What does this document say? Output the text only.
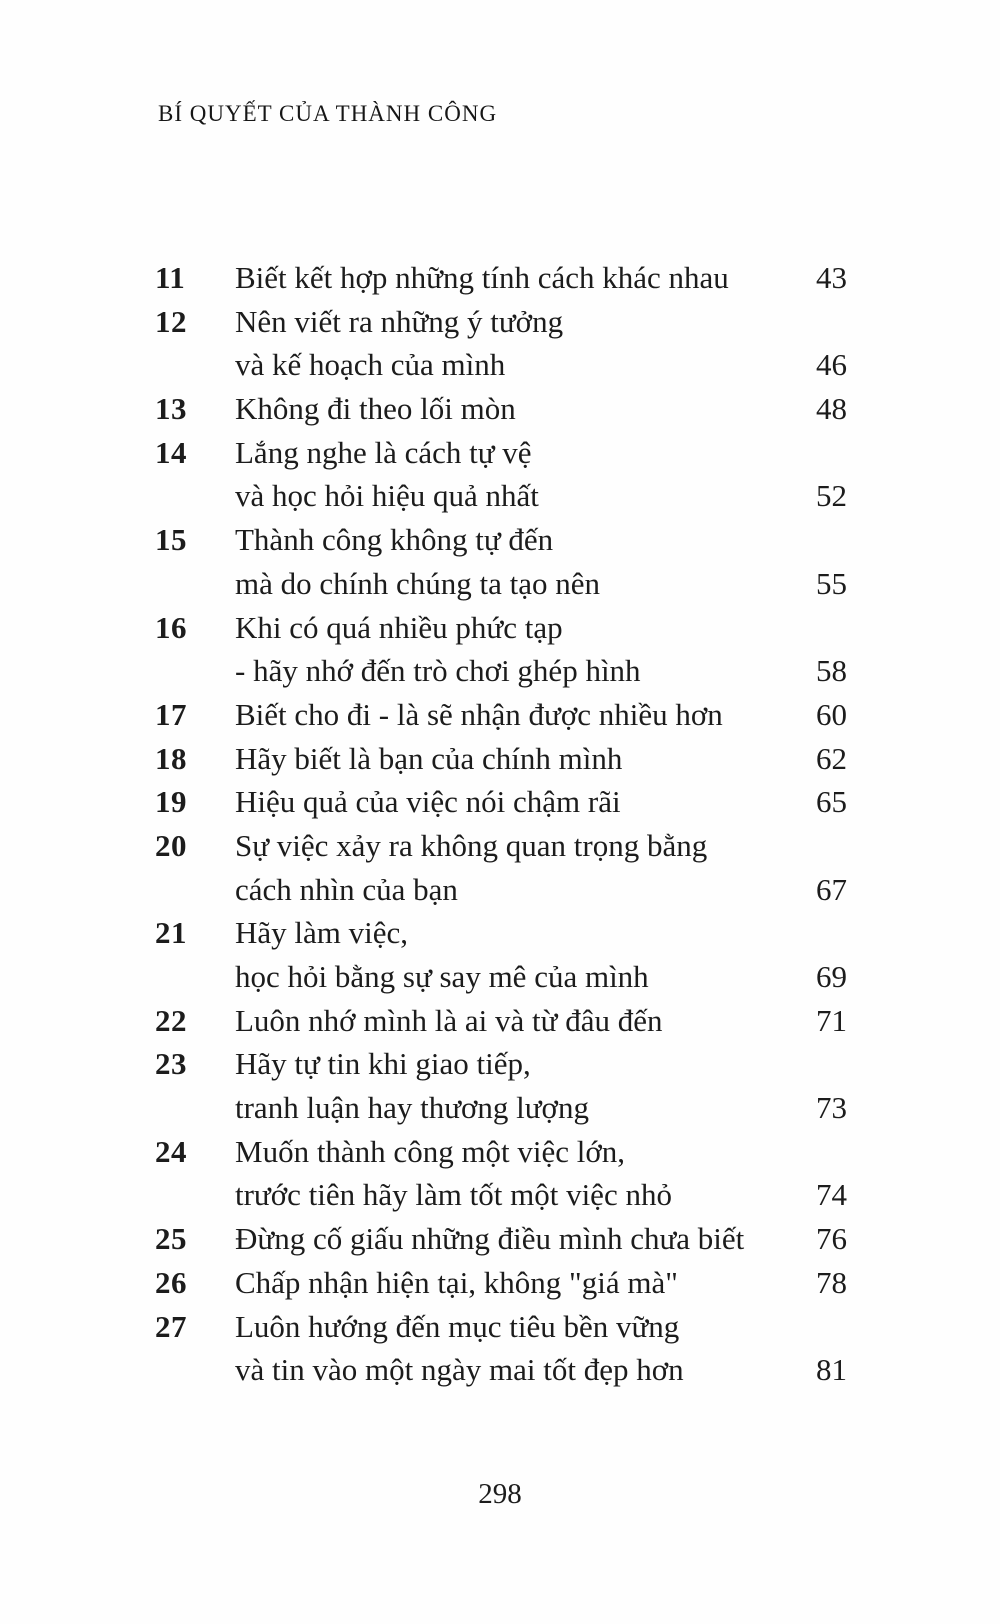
BÍ QUYẾT CỦA THÀNH CÔNG
11	Biết kết hợp những tính cách khác nhau	43
12	Nên viết ra những ý tưởng
và kế hoạch của mình	46
13	Không đi theo lối mòn	48
14	Lắng nghe là cách tự vệ
và học hỏi hiệu quả nhất	52
15	Thành công không tự đến
mà do chính chúng ta tạo nên	55
16	Khi có quá nhiều phức tạp
- hãy nhớ đến trò chơi ghép hình	58
17	Biết cho đi - là sẽ nhận được nhiều hơn	60
18	Hãy biết là bạn của chính mình	62
19	Hiệu quả của việc nói chậm rãi	65
20	Sự việc xảy ra không quan trọng bằng
cách nhìn của bạn	67
21	Hãy làm việc,
học hỏi bằng sự say mê của mình	69
22	Luôn nhớ mình là ai và từ đâu đến	71
23	Hãy tự tin khi giao tiếp,
tranh luận hay thương lượng	73
24	Muốn thành công một việc lớn,
trước tiên hãy làm tốt một việc nhỏ	74
25	Đừng cố giấu những điều mình chưa biết	76
26	Chấp nhận hiện tại, không "giá mà"	78
27	Luôn hướng đến mục tiêu bền vững
và tin vào một ngày mai tốt đẹp hơn	81
298
